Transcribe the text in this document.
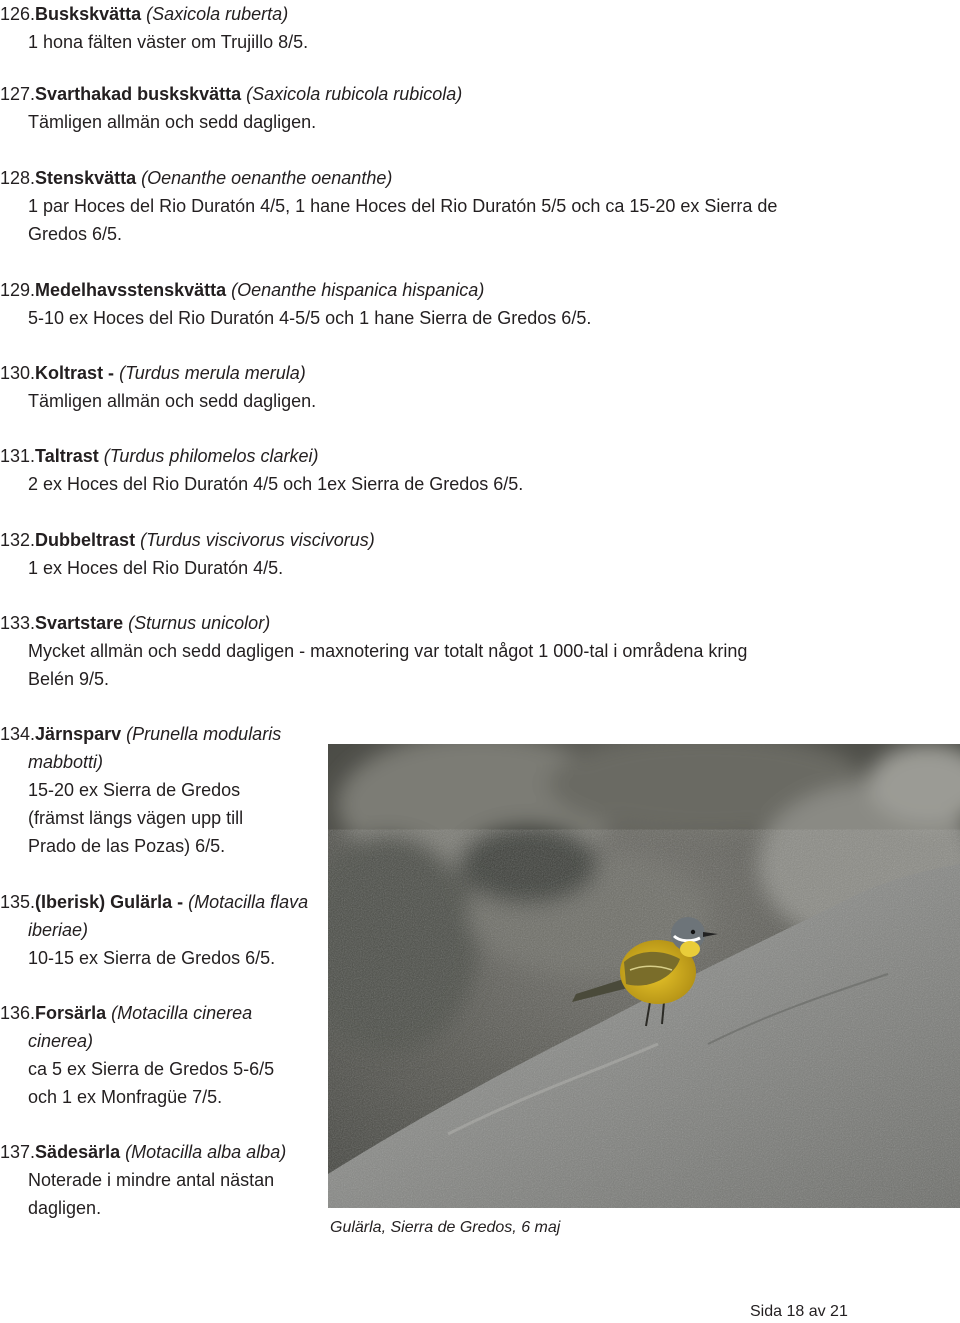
126.Buskskvätta (Saxicola ruberta)
1 hona fälten väster om Trujillo 8/5.
127.Svarthakad buskskvätta (Saxicola rubicola rubicola)
Tämligen allmän och sedd dagligen.
128.Stenskvätta (Oenanthe oenanthe oenanthe)
1 par Hoces del Rio Duratón 4/5, 1 hane Hoces del Rio Duratón 5/5 och ca 15-20 ex Sierra de
Gredos 6/5.
129.Medelhavsstenskvätta (Oenanthe hispanica hispanica)
5-10 ex Hoces del Rio Duratón 4-5/5 och 1 hane Sierra de Gredos 6/5.
130.Koltrast - (Turdus merula merula)
Tämligen allmän och sedd dagligen.
131.Taltrast (Turdus philomelos clarkei)
2 ex Hoces del Rio Duratón 4/5 och 1ex Sierra de Gredos 6/5.
132.Dubbeltrast (Turdus viscivorus viscivorus)
1 ex Hoces del Rio Duratón 4/5.
133.Svartstare (Sturnus unicolor)
Mycket allmän och sedd dagligen - maxnotering var totalt något 1 000-tal i områdena kring
Belén 9/5.
134.Järnsparv (Prunella modularis mabbotti)
15-20 ex Sierra de Gredos
(främst längs vägen upp till
Prado de las Pozas) 6/5.
135.(Iberisk) Gulärla - (Motacilla flava iberiae)
10-15 ex Sierra de Gredos 6/5.
136.Forsärla (Motacilla cinerea cinerea)
ca 5 ex Sierra de Gredos 5-6/5
och 1 ex Monfragüe 7/5.
137.Sädesärla (Motacilla alba alba)
Noterade i mindre antal nästan
dagligen.
Gulärla, Sierra de Gredos, 6 maj
Sida 18 av 21
